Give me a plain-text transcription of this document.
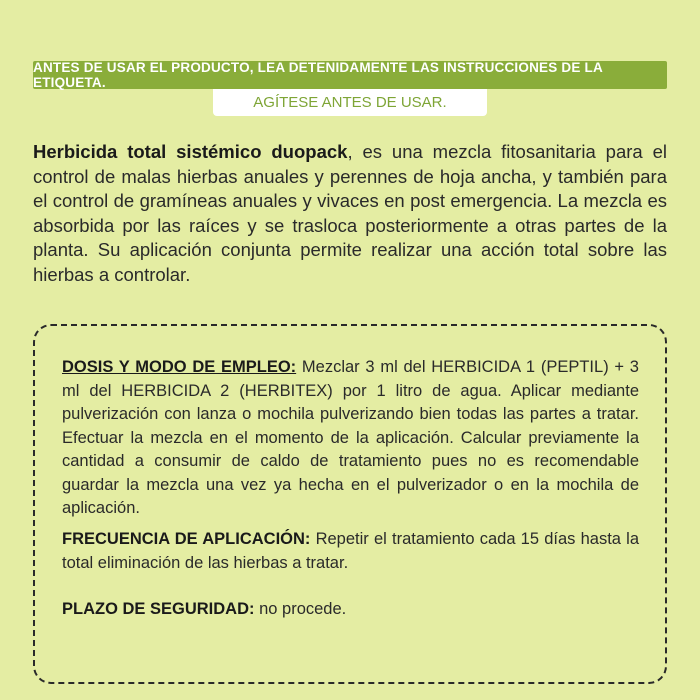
ANTES DE USAR EL PRODUCTO, LEA DETENIDAMENTE LAS INSTRUCCIONES DE LA ETIQUETA.
AGÍTESE ANTES DE USAR.
Herbicida total sistémico duopack, es una mezcla fitosanitaria para el control de malas hierbas anuales y perennes de hoja ancha, y también para el control de gramíneas anuales y vivaces en post emergencia. La mezcla es absorbida por las raíces y se trasloca posteriormente a otras partes de la planta. Su aplicación conjunta permite realizar una acción total sobre las hierbas a controlar.
DOSIS Y MODO DE EMPLEO: Mezclar 3 ml del HERBICIDA 1 (PEPTIL) + 3 ml del HERBICIDA 2 (HERBITEX) por 1 litro de agua. Aplicar mediante pulverización con lanza o mochila pulverizando bien todas las partes a tratar. Efectuar la mezcla en el momento de la aplicación. Calcular previamente la cantidad a consumir de caldo de tratamiento pues no es recomendable guardar la mezcla una vez ya hecha en el pulverizador o en la mochila de aplicación.
FRECUENCIA DE APLICACIÓN: Repetir el tratamiento cada 15 días hasta la total eliminación de las hierbas a tratar.
PLAZO DE SEGURIDAD: no procede.
